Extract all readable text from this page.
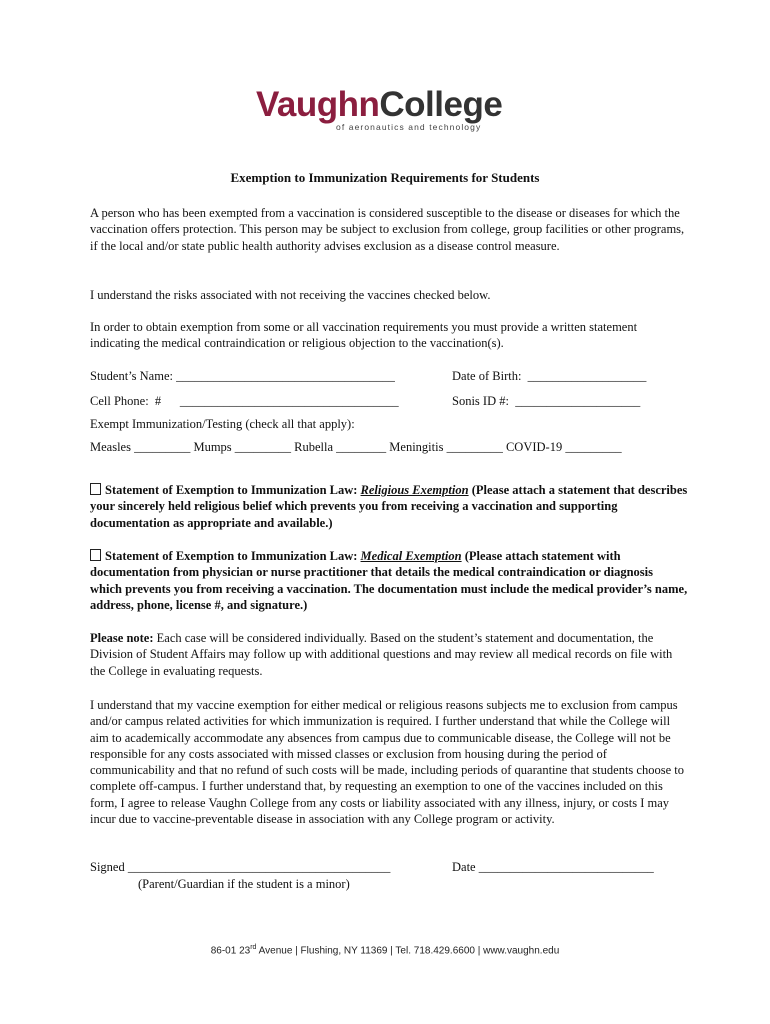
VaughnCollege
of aeronautics and technology
Exemption to Immunization Requirements for Students

A person who has been exempted from a vaccination is considered susceptible to the disease or diseases for which the vaccination offers protection. This person may be subject to exclusion from college, group facilities or other programs, if the local and/or state public health authority advises exclusion as a disease control measure.

I understand the risks associated with not receiving the vaccines checked below.

In order to obtain exemption from some or all vaccination requirements you must provide a written statement indicating the medical contraindication or religious objection to the vaccination(s).

Student’s Name: ___________________________________	Date of Birth:  ___________________
Cell Phone:  #      ___________________________________	Sonis ID #:  ____________________
Exempt Immunization/Testing (check all that apply):
Measles _________ Mumps _________ Rubella ________ Meningitis _________ COVID-19 _________

Statement of Exemption to Immunization Law: Religious Exemption (Please attach a statement that describes your sincerely held religious belief which prevents you from receiving a vaccination and supporting documentation as appropriate and available.)

Statement of Exemption to Immunization Law: Medical Exemption (Please attach statement with documentation from physician or nurse practitioner that details the medical contraindication or diagnosis which prevents you from receiving a vaccination. The documentation must include the medical provider’s name, address, phone, license #, and signature.)

Please note: Each case will be considered individually. Based on the student’s statement and documentation, the Division of Student Affairs may follow up with additional questions and may review all medical records on file with the College in evaluating requests.

I understand that my vaccine exemption for either medical or religious reasons subjects me to exclusion from campus and/or campus related activities for which immunization is required. I further understand that while the College will aim to academically accommodate any absences from campus due to communicable disease, the College will not be responsible for any costs associated with missed classes or exclusion from housing during the period of communicability and that no refund of such costs will be made, including periods of quarantine that students choose to complete off-campus. I further understand that, by requesting an exemption to one of the vaccines included on this form, I agree to release Vaughn College from any costs or liability associated with any illness, injury, or costs I may incur due to vaccine-preventable disease in association with any College program or activity.

Signed __________________________________________	Date ____________________________
(Parent/Guardian if the student is a minor)
86-01 23rd Avenue | Flushing, NY 11369 | Tel. 718.429.6600 | www.vaughn.edu
